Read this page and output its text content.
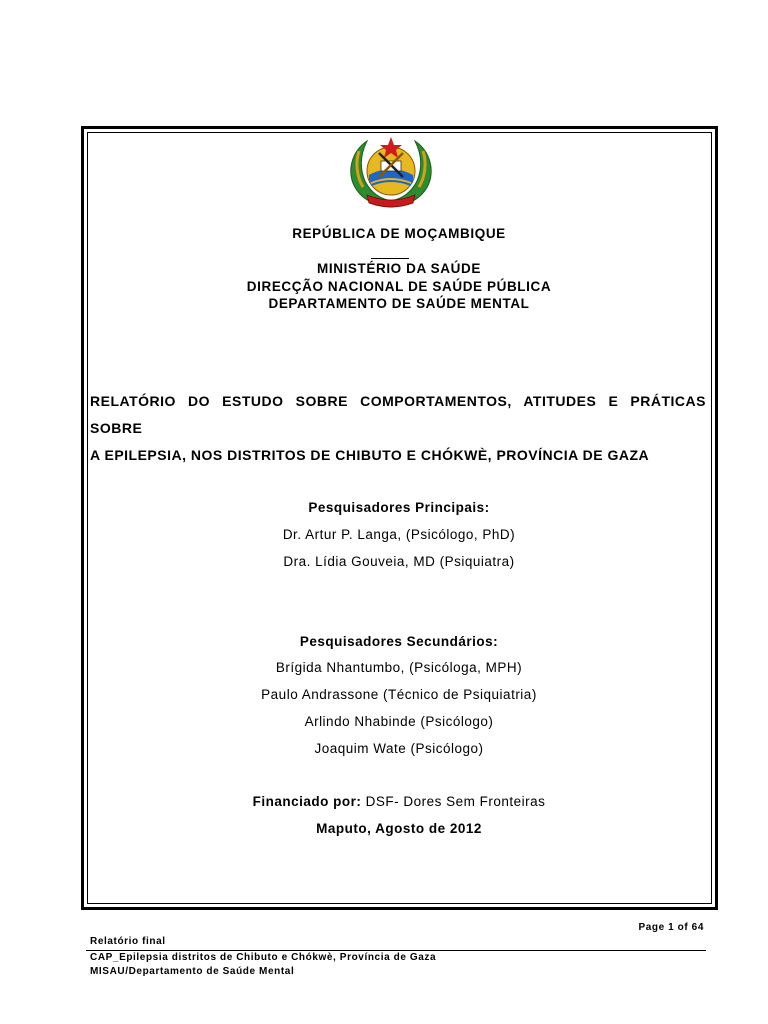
REPÚBLICA DE MOÇAMBIQUE
MINISTÉRIO DA SAÚDE
DIRECÇÃO NACIONAL DE SAÚDE PÚBLICA
DEPARTAMENTO DE SAÚDE MENTAL
RELATÓRIO DO ESTUDO SOBRE COMPORTAMENTOS, ATITUDES E PRÁTICAS SOBRE
A EPILEPSIA, NOS DISTRITOS DE CHIBUTO E CHÓKWÈ, PROVÍNCIA DE GAZA
Pesquisadores Principais:
Dr. Artur P. Langa, (Psicólogo, PhD)
Dra. Lídia Gouveia, MD (Psiquiatra)
Pesquisadores Secundários:
Brígida Nhantumbo, (Psicóloga, MPH)
Paulo Andrassone (Técnico de Psiquiatria)
Arlindo Nhabinde (Psicólogo)
Joaquim Wate (Psicólogo)
Financiado por: DSF- Dores Sem Fronteiras
Maputo, Agosto de 2012
Page 1 of 64
Relatório final
CAP_Epilepsia distritos de Chibuto e Chókwè, Província de Gaza
MISAU/Departamento de Saúde Mental
